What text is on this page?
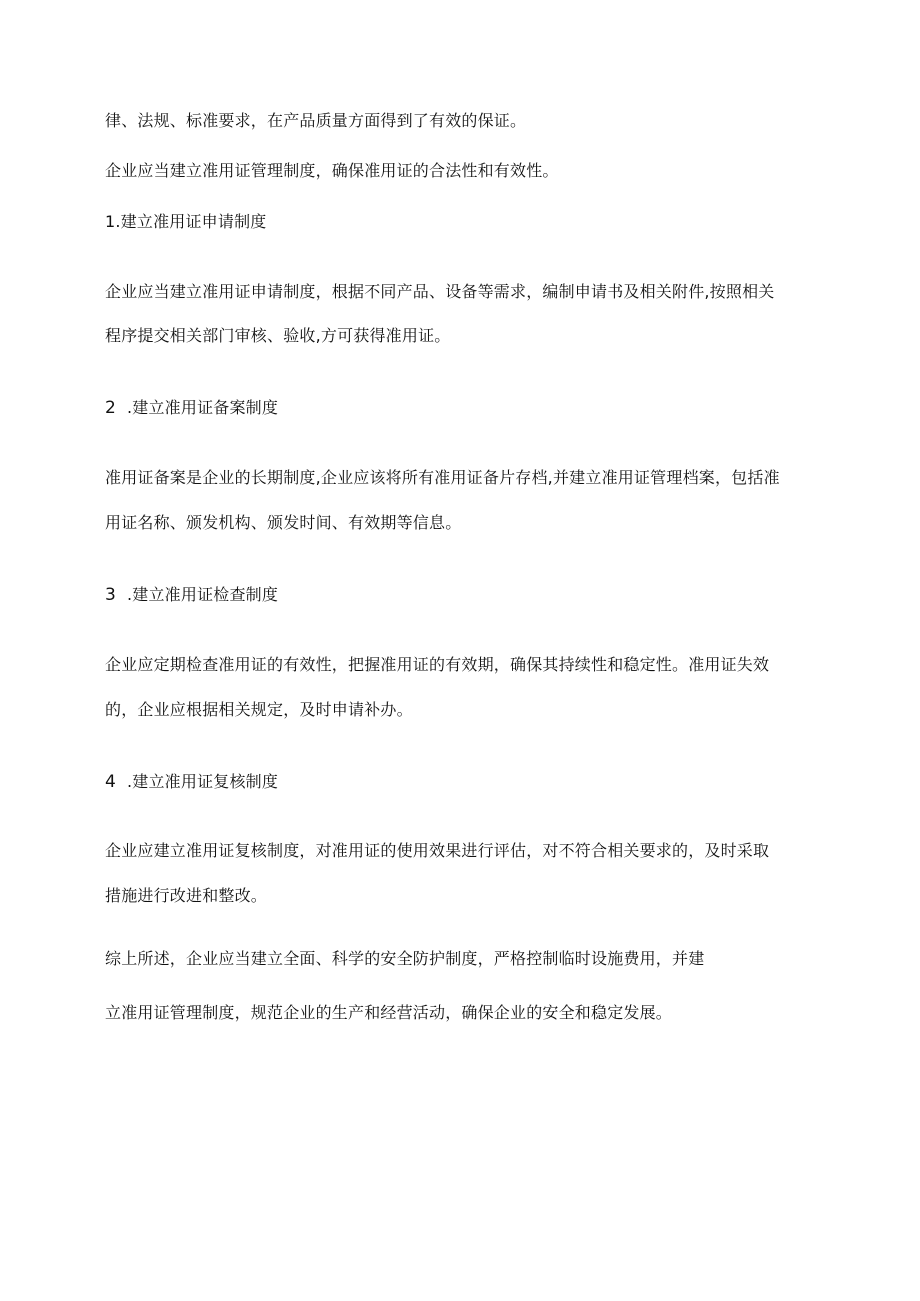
律、法规、标准要求，在产品质量方面得到了有效的保证。
企业应当建立准用证管理制度，确保准用证的合法性和有效性。
1.建立准用证申请制度
企业应当建立准用证申请制度，根据不同产品、设备等需求，编制申请书及相关附件,按照相关
程序提交相关部门审核、验收,方可获得准用证。
2 .建立准用证备案制度
准用证备案是企业的长期制度,企业应该将所有准用证备片存档,并建立准用证管理档案，包括准
用证名称、颁发机构、颁发时间、有效期等信息。
3 .建立准用证检查制度
企业应定期检查准用证的有效性，把握准用证的有效期，确保其持续性和稳定性。准用证失效
的，企业应根据相关规定，及时申请补办。
4 .建立准用证复核制度
企业应建立准用证复核制度，对准用证的使用效果进行评估，对不符合相关要求的，及时采取
措施进行改进和整改。
综上所述，企业应当建立全面、科学的安全防护制度，严格控制临时设施费用，并建
立准用证管理制度，规范企业的生产和经营活动，确保企业的安全和稳定发展。
